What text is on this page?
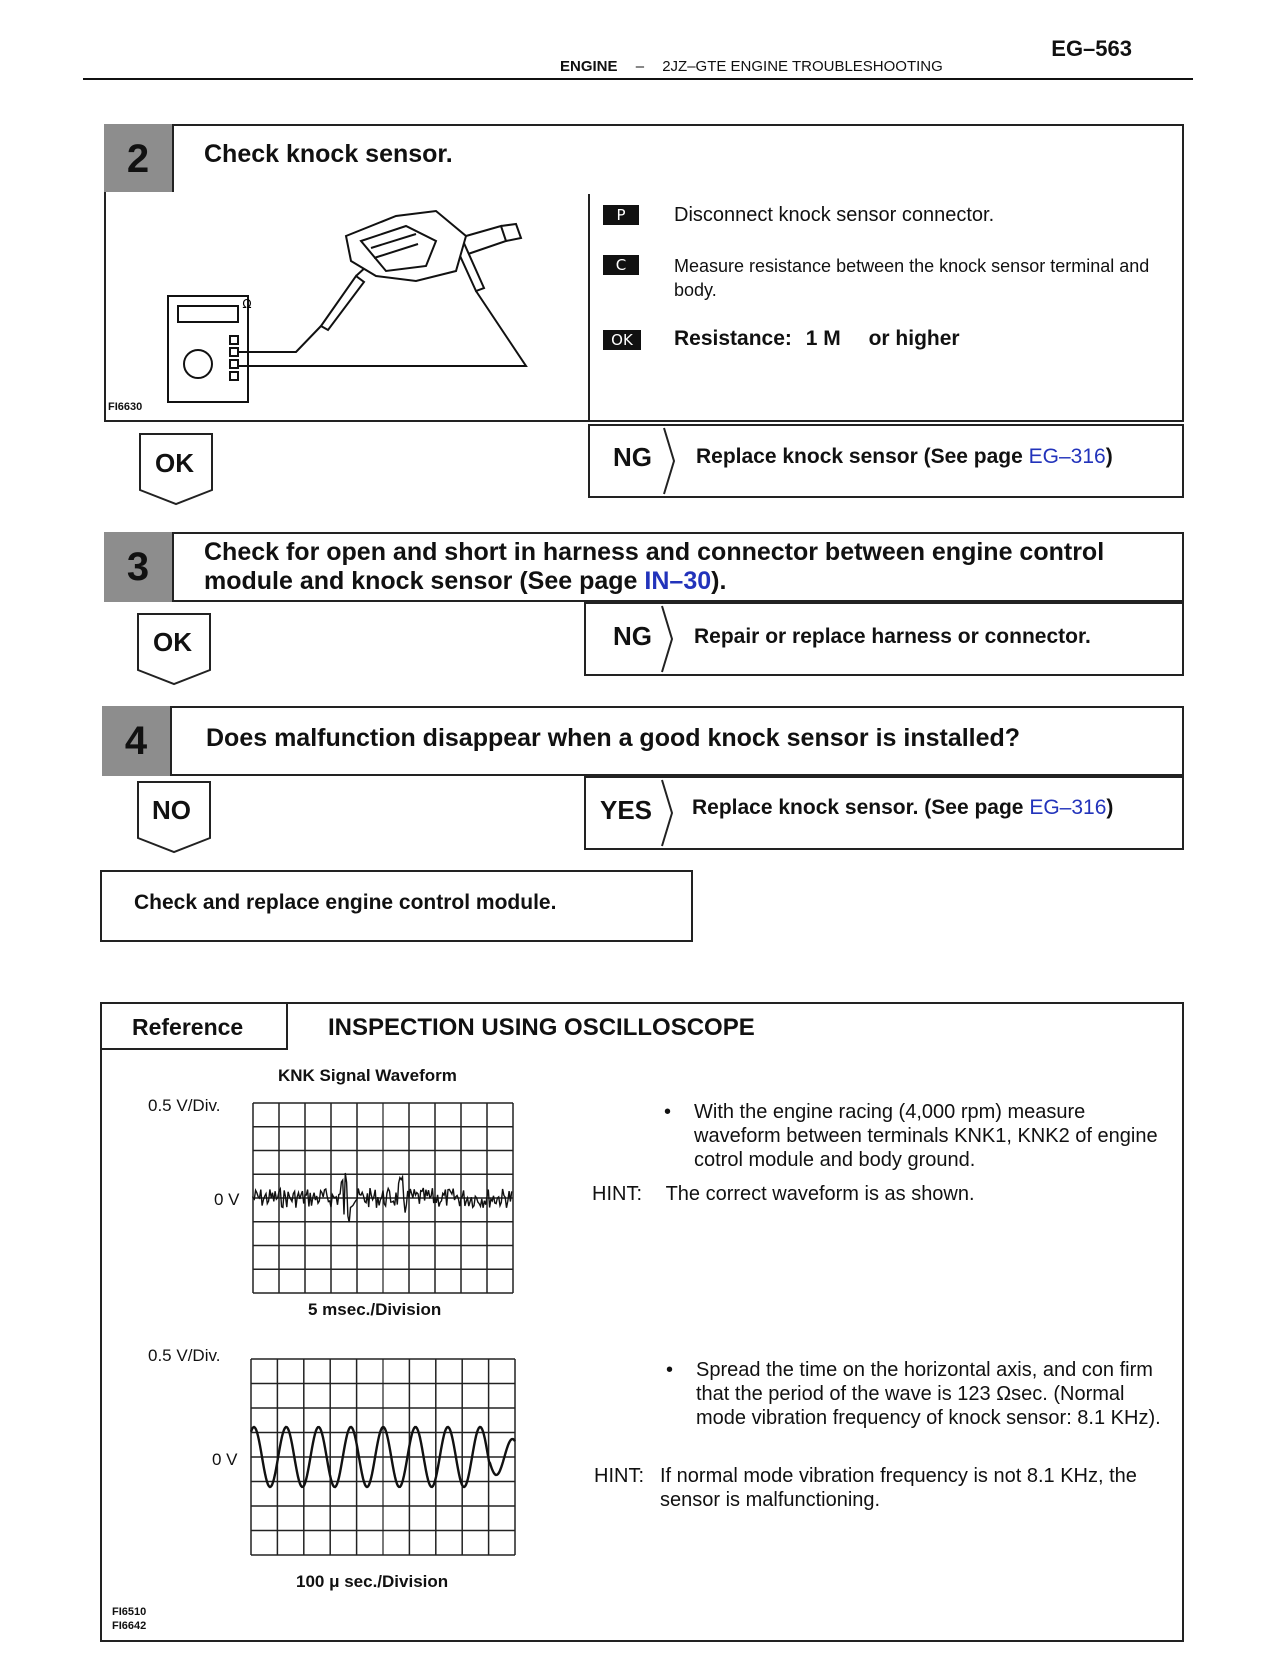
EG–563
ENGINE – 2JZ–GTE ENGINE TROUBLESHOOTING
2	Check knock sensor.
Ω
FI6630
P	Disconnect knock sensor connector.
C	Measure resistance between the knock sensor terminal and body.
OK	Resistance: 1 M or higher
OK	NG Replace knock sensor (See page EG–316)
3	Check for open and short in harness and connector between engine control
module and knock sensor (See page IN–30).
OK	NG Repair or replace harness or connector.
4	Does malfunction disappear when a good knock sensor is installed?
NO	YES Replace knock sensor. (See page EG–316)
Check and replace engine control module.
Reference	INSPECTION USING OSCILLOSCOPE
KNK Signal Waveform
0.5 V/Div.
0 V
5 msec./Division
0.5 V/Div.
0 V
100 μ sec./Division
FI6510
FI6642
• With the engine racing (4,000 rpm) measure waveform between terminals KNK1, KNK2 of engine cotrol module and body ground.
HINT: The correct waveform is as shown.
• Spread the time on the horizontal axis, and con firm that the period of the wave is 123 Ωsec. (Normal mode vibration frequency of knock sensor: 8.1 KHz).
HINT: If normal mode vibration frequency is not 8.1 KHz, the sensor is malfunctioning.
